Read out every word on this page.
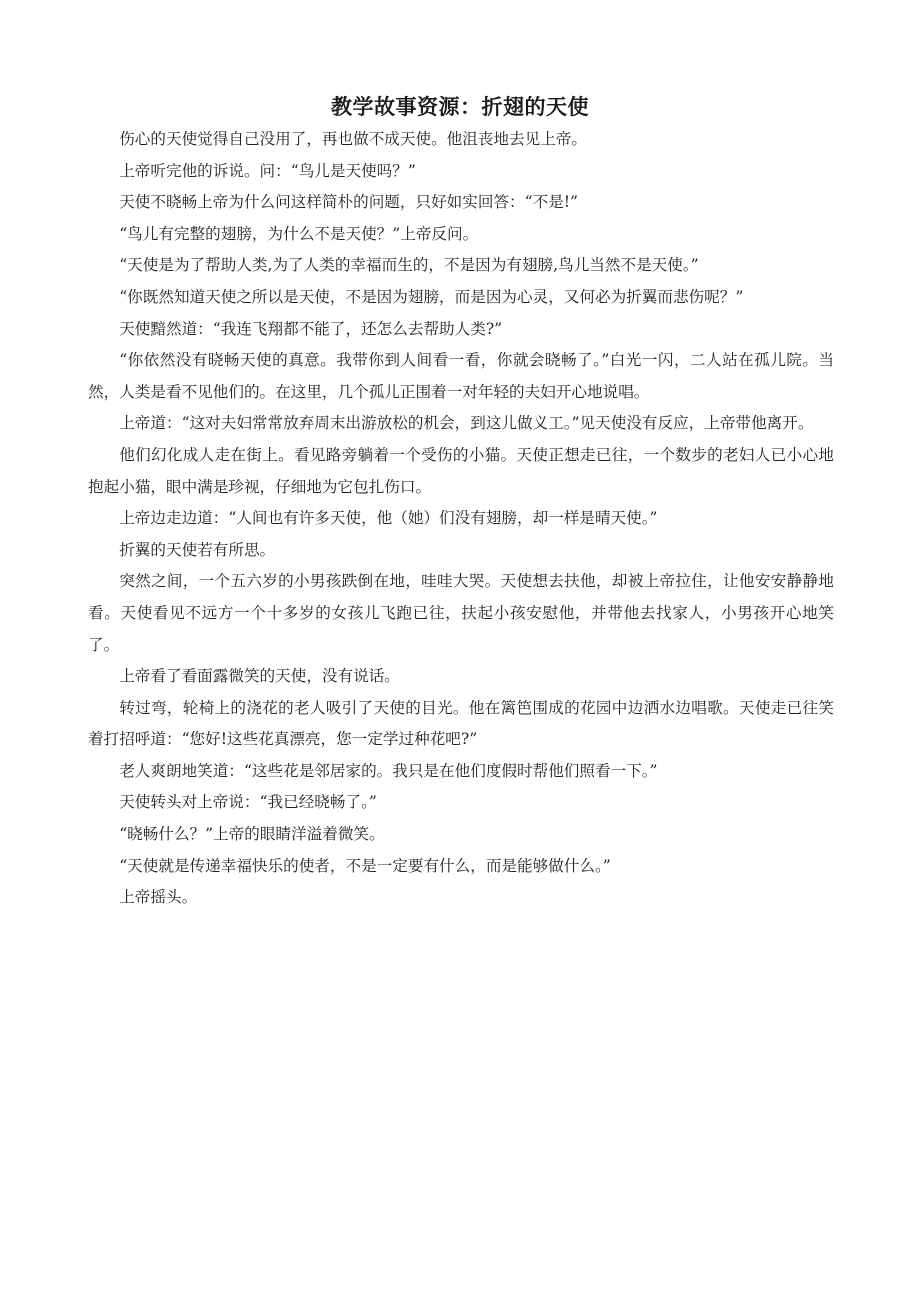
教学故事资源：折翅的天使

伤心的天使觉得自己没用了，再也做不成天使。他沮丧地去见上帝。

上帝听完他的诉说。问：“鸟儿是天使吗？”

天使不晓畅上帝为什么问这样简朴的问题，只好如实回答：“不是!”

“鸟儿有完整的翅膀，为什么不是天使？”上帝反问。

“天使是为了帮助人类,为了人类的幸福而生的，不是因为有翅膀,鸟儿当然不是天使。”

“你既然知道天使之所以是天使，不是因为翅膀，而是因为心灵，又何必为折翼而悲伤呢？”

天使黯然道：“我连飞翔都不能了，还怎么去帮助人类?”

“你依然没有晓畅天使的真意。我带你到人间看一看，你就会晓畅了。”白光一闪，二人站在孤儿院。当然，人类是看不见他们的。在这里，几个孤儿正围着一对年轻的夫妇开心地说唱。

上帝道：“这对夫妇常常放弃周末出游放松的机会，到这儿做义工。”见天使没有反应，上帝带他离开。

他们幻化成人走在街上。看见路旁躺着一个受伤的小猫。天使正想走已往，一个数步的老妇人已小心地抱起小猫，眼中满是珍视，仔细地为它包扎伤口。

上帝边走边道：“人间也有许多天使，他（她）们没有翅膀，却一样是晴天使。”

折翼的天使若有所思。

突然之间，一个五六岁的小男孩跌倒在地，哇哇大哭。天使想去扶他，却被上帝拉住，让他安安静静地看。天使看见不远方一个十多岁的女孩儿飞跑已往，扶起小孩安慰他，并带他去找家人，小男孩开心地笑了。

上帝看了看面露微笑的天使，没有说话。

转过弯，轮椅上的浇花的老人吸引了天使的目光。他在篱笆围成的花园中边洒水边唱歌。天使走已往笑着打招呼道：“您好!这些花真漂亮，您一定学过种花吧?”

老人爽朗地笑道：“这些花是邻居家的。我只是在他们度假时帮他们照看一下。”

天使转头对上帝说：“我已经晓畅了。”

“晓畅什么？”上帝的眼睛洋溢着微笑。

“天使就是传递幸福快乐的使者，不是一定要有什么，而是能够做什么。”

上帝摇头。
